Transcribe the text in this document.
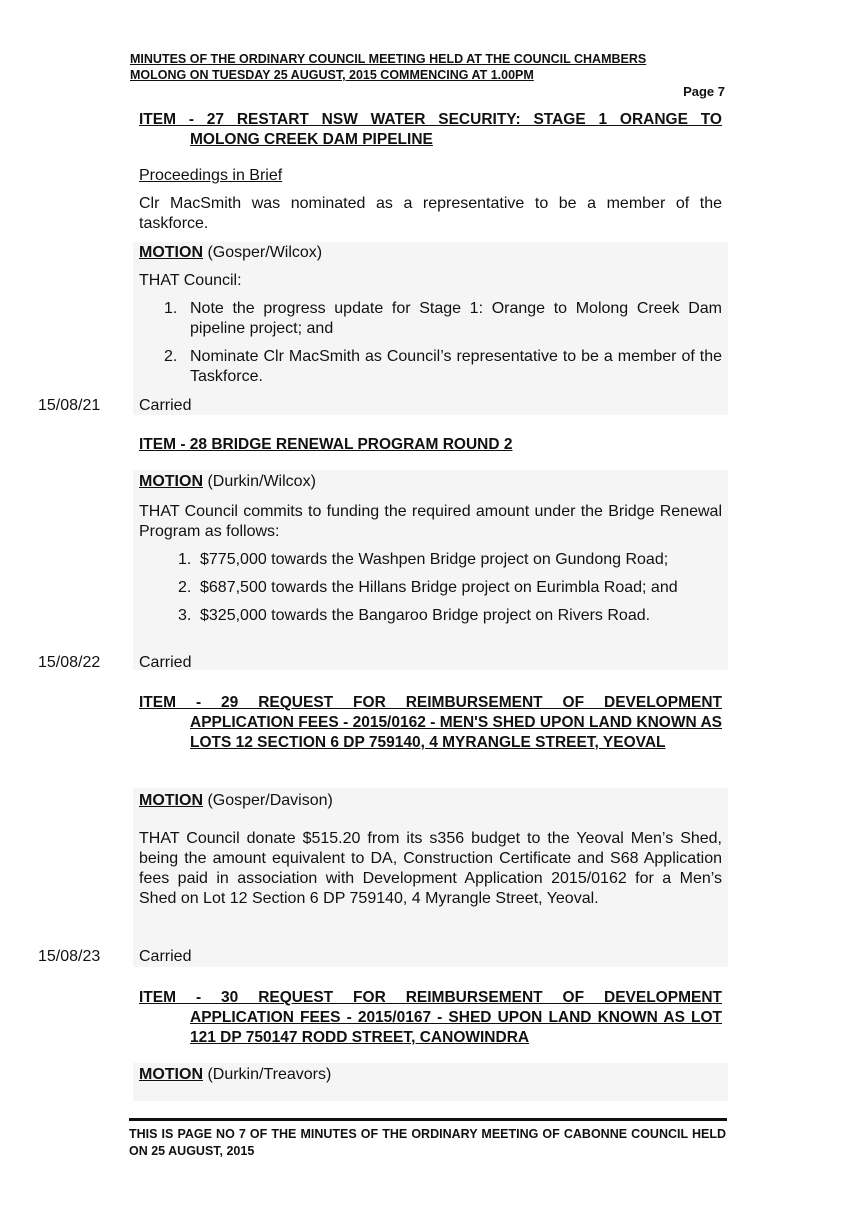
MINUTES OF THE ORDINARY COUNCIL MEETING HELD AT THE COUNCIL CHAMBERS
MOLONG ON TUESDAY 25 AUGUST, 2015 COMMENCING AT 1.00PM
Page 7
ITEM - 27 RESTART NSW WATER SECURITY: STAGE 1 ORANGE TO
MOLONG CREEK DAM PIPELINE
Proceedings in Brief
Clr MacSmith was nominated as a representative to be a member of the taskforce.
MOTION (Gosper/Wilcox)
THAT Council:
1. Note the progress update for Stage 1: Orange to Molong Creek Dam pipeline project; and
2. Nominate Clr MacSmith as Council’s representative to be a member of the Taskforce.
15/08/21 Carried
ITEM - 28 BRIDGE RENEWAL PROGRAM ROUND 2
MOTION (Durkin/Wilcox)
THAT Council commits to funding the required amount under the Bridge Renewal Program as follows:
1. $775,000 towards the Washpen Bridge project on Gundong Road;
2. $687,500 towards the Hillans Bridge project on Eurimbla Road; and
3. $325,000 towards the Bangaroo Bridge project on Rivers Road.
15/08/22 Carried
ITEM - 29 REQUEST FOR REIMBURSEMENT OF DEVELOPMENT
APPLICATION FEES - 2015/0162 - MEN'S SHED UPON LAND KNOWN AS LOTS 12 SECTION 6 DP 759140, 4 MYRANGLE STREET, YEOVAL
MOTION (Gosper/Davison)
THAT Council donate $515.20 from its s356 budget to the Yeoval Men’s Shed, being the amount equivalent to DA, Construction Certificate and S68 Application fees paid in association with Development Application 2015/0162 for a Men’s Shed on Lot 12 Section 6 DP 759140, 4 Myrangle Street, Yeoval.
15/08/23 Carried
ITEM - 30 REQUEST FOR REIMBURSEMENT OF DEVELOPMENT
APPLICATION FEES - 2015/0167 - SHED UPON LAND KNOWN AS LOT 121 DP 750147 RODD STREET, CANOWINDRA
MOTION (Durkin/Treavors)
THIS IS PAGE NO 7 OF THE MINUTES OF THE ORDINARY MEETING OF CABONNE COUNCIL HELD ON 25 AUGUST, 2015
